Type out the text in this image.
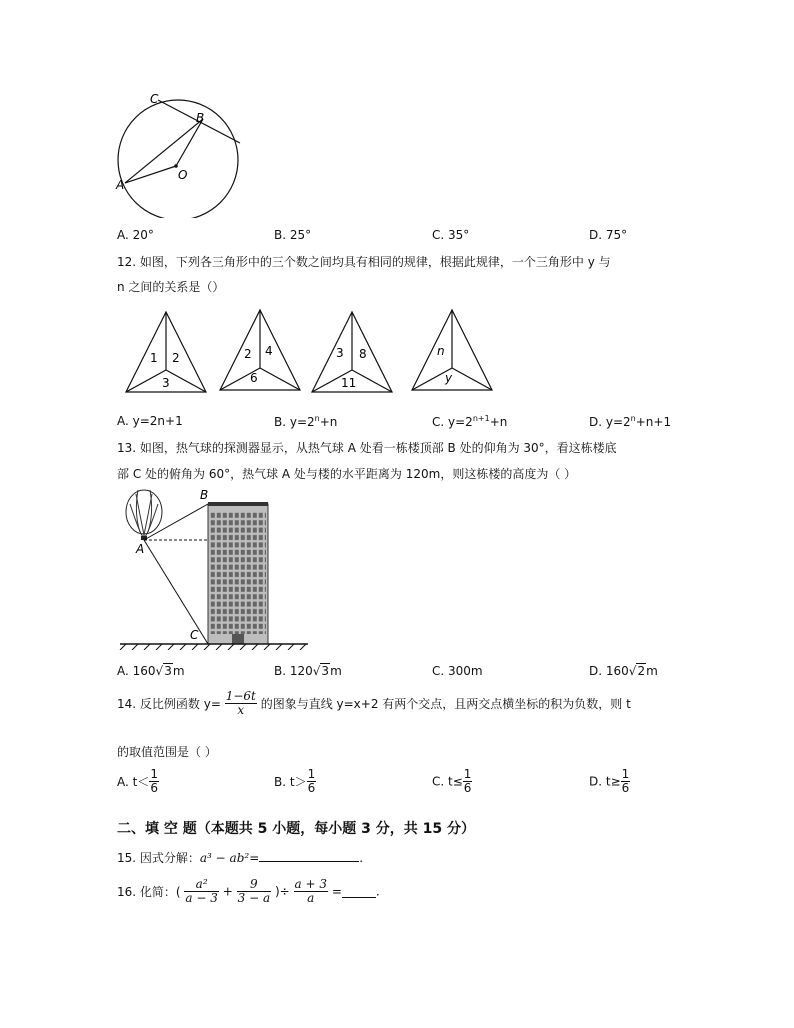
C
B
A
O
A. 20°	B. 25°	C. 35°	D. 75°
12. 如图，下列各三角形中的三个数之间均具有相同的规律，根据此规律，一个三角形中 y 与
n 之间的关系是（）
1 2
3
2 4
6
3 8
11
n
y
A. y=2n+1	B. $y=2^n+n$	C. $y=2^{n+1}+n$	D. $y=2^n+n+1$
13. 如图，热气球的探测器显示，从热气球 A 处看一栋楼顶部 B 处的仰角为 30°，看这栋楼底
部 C 处的俯角为 60°，热气球 A 处与楼的水平距离为 120m，则这栋楼的高度为（ ）
B
A
C
A. 160√3m	B. 120√3m	C. 300m	D. 160√2m
14. 反比例函数 $y= \frac{1-6t}{x}$ 的图象与直线 y=x+2 有两个交点，且两交点横坐标的积为负数，则 t
的取值范围是（ ）
A. $t< \frac{1}{6}$	B. $t> \frac{1}{6}$	C. $t\le \frac{1}{6}$	D. $t\ge \frac{1}{6}$
二、填 空 题（本题共 5 小题，每小题 3 分，共 15 分）
15. 因式分解：a³ − ab²=	.
16. 化简：( $\frac{\text{a²}}{a - 3} + \frac{9}{3 - a}$ )÷ $\frac{a + 3}{a}$ =	.
